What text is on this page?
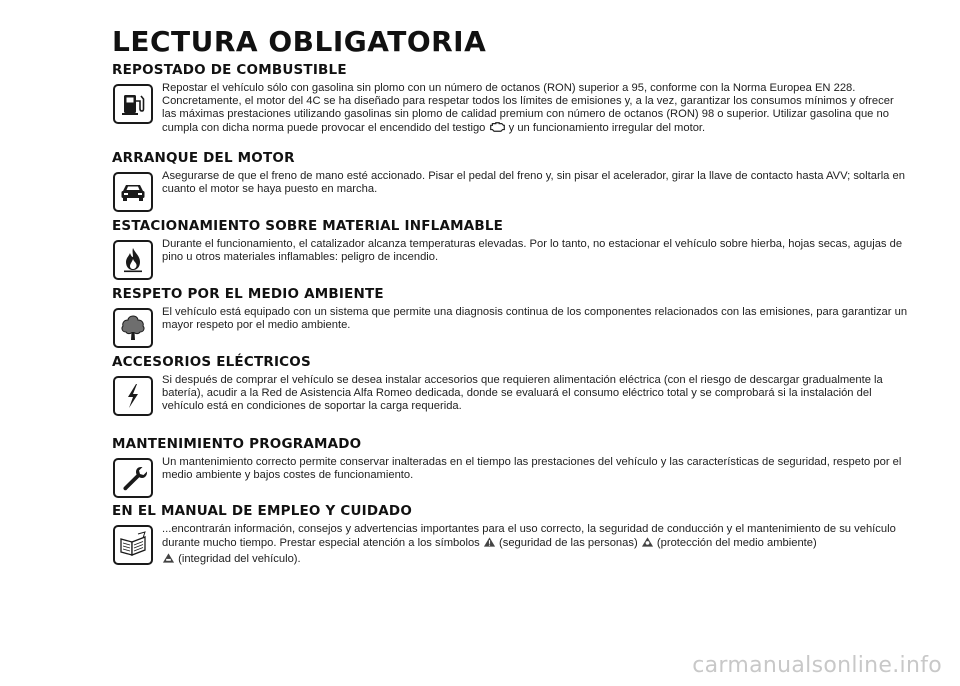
LECTURA OBLIGATORIA
REPOSTADO DE COMBUSTIBLE

Repostar el vehículo sólo con gasolina sin plomo con un número de octanos (RON) superior a 95, conforme con la Norma Europea EN 228. Concretamente, el motor del 4C se ha diseñado para respetar todos los límites de emisiones y, a la vez, garantizar los consumos mínimos y ofrecer las máximas prestaciones utilizando gasolinas sin plomo de calidad premium con número de octanos (RON) 98 o superior. Utilizar gasolina que no cumpla con dicha norma puede provocar el encendido del testigo y un funcionamiento irregular del motor.

ARRANQUE DEL MOTOR

Asegurarse de que el freno de mano esté accionado. Pisar el pedal del freno y, sin pisar el acelerador, girar la llave de contacto hasta AVV; soltarla en cuanto el motor se haya puesto en marcha.

ESTACIONAMIENTO SOBRE MATERIAL INFLAMABLE

Durante el funcionamiento, el catalizador alcanza temperaturas elevadas. Por lo tanto, no estacionar el vehículo sobre hierba, hojas secas, agujas de pino u otros materiales inflamables: peligro de incendio.

RESPETO POR EL MEDIO AMBIENTE

El vehículo está equipado con un sistema que permite una diagnosis continua de los componentes relacionados con las emisiones, para garantizar un mayor respeto por el medio ambiente.

ACCESORIOS ELÉCTRICOS

Si después de comprar el vehículo se desea instalar accesorios que requieren alimentación eléctrica (con el riesgo de descargar gradualmente la batería), acudir a la Red de Asistencia Alfa Romeo dedicada, donde se evaluará el consumo eléctrico total y se comprobará si la instalación del vehículo está en condiciones de soportar la carga requerida.

MANTENIMIENTO PROGRAMADO

Un mantenimiento correcto permite conservar inalteradas en el tiempo las prestaciones del vehículo y las características de seguridad, respeto por el medio ambiente y bajos costes de funcionamiento.

EN EL MANUAL DE EMPLEO Y CUIDADO

...encontrarán información, consejos y advertencias importantes para el uso correcto, la seguridad de conducción y el mantenimiento de su vehículo durante mucho tiempo. Prestar especial atención a los símbolos (seguridad de las personas) (protección del medio ambiente)
(integridad del vehículo).

carmanualsonline.info
